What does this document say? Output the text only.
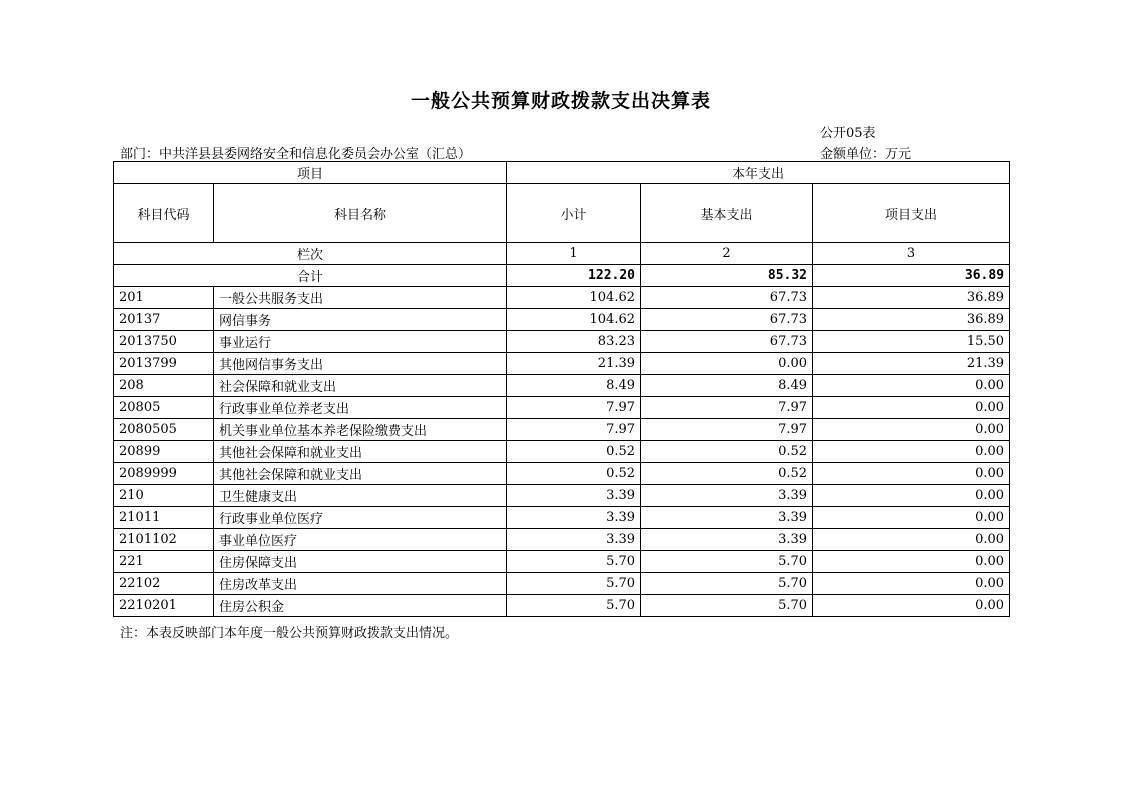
一般公共预算财政拨款支出决算表
公开05表
部门：中共洋县县委网络安全和信息化委员会办公室（汇总）	金额单位：万元
项目		本年支出		
科目代码	科目名称	小计	基本支出	项目支出
栏次		1	2	3
合计		122.20	85.32	36.89
201	一般公共服务支出	104.62	67.73	36.89
20137	网信事务	104.62	67.73	36.89
2013750	事业运行	83.23	67.73	15.50
2013799	其他网信事务支出	21.39	0.00	21.39
208	社会保障和就业支出	8.49	8.49	0.00
20805	行政事业单位养老支出	7.97	7.97	0.00
2080505	机关事业单位基本养老保险缴费支出	7.97	7.97	0.00
20899	其他社会保障和就业支出	0.52	0.52	0.00
2089999	其他社会保障和就业支出	0.52	0.52	0.00
210	卫生健康支出	3.39	3.39	0.00
21011	行政事业单位医疗	3.39	3.39	0.00
2101102	事业单位医疗	3.39	3.39	0.00
221	住房保障支出	5.70	5.70	0.00
22102	住房改革支出	5.70	5.70	0.00
2210201	住房公积金	5.70	5.70	0.00
注：本表反映部门本年度一般公共预算财政拨款支出情况。
